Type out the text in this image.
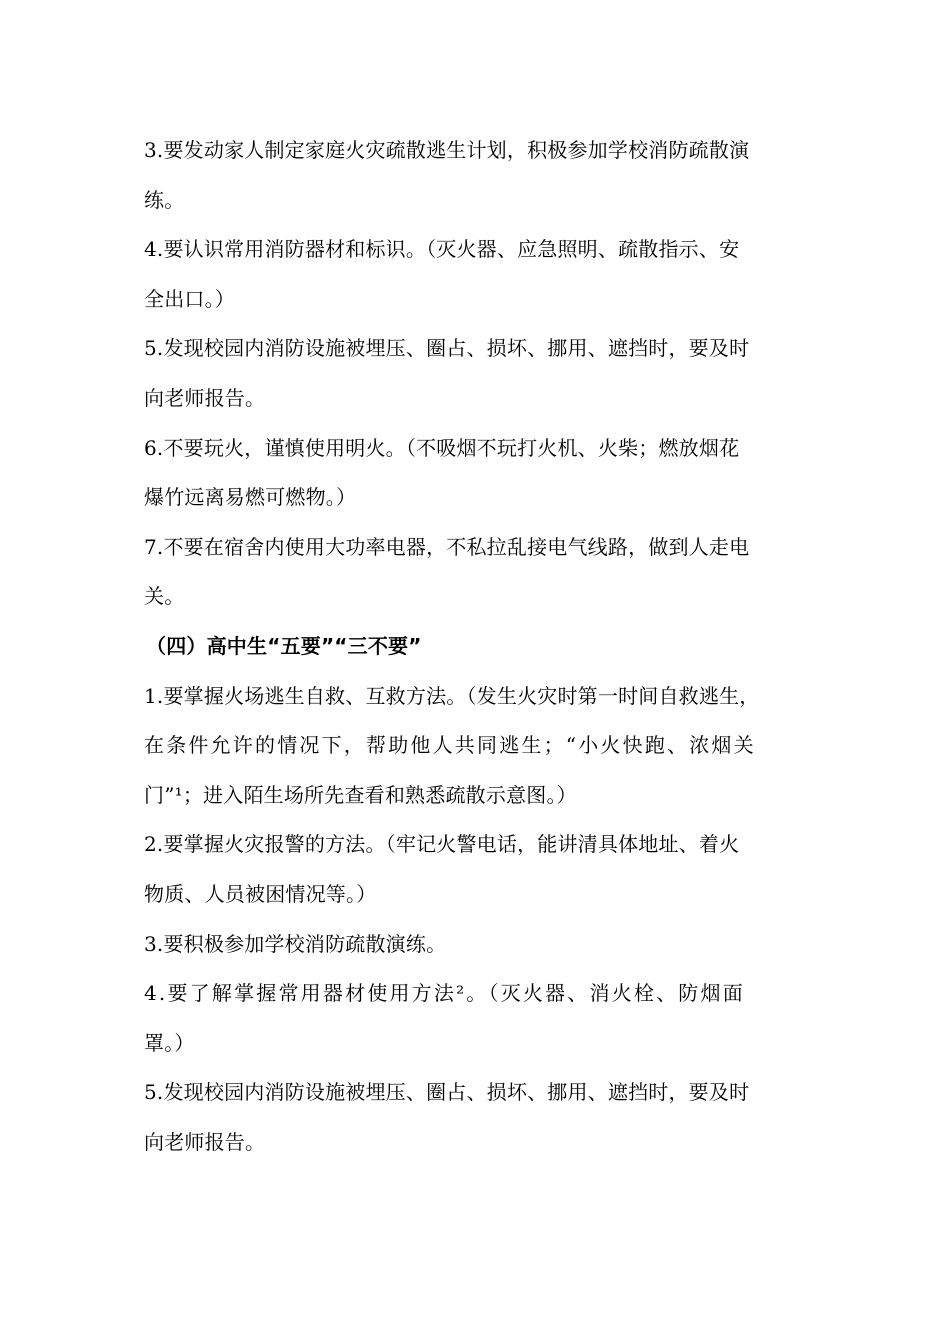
3.要发动家人制定家庭火灾疏散逃生计划，积极参加学校消防疏散演
练。
4.要认识常用消防器材和标识。（灭火器、应急照明、疏散指示、安
全出口。）
5.发现校园内消防设施被埋压、圈占、损坏、挪用、遮挡时，要及时
向老师报告。
6.不要玩火，谨慎使用明火。（不吸烟不玩打火机、火柴；燃放烟花
爆竹远离易燃可燃物。）
7.不要在宿舍内使用大功率电器，不私拉乱接电气线路，做到人走电
关。
（四）高中生“五要”“三不要”
1.要掌握火场逃生自救、互救方法。（发生火灾时第一时间自救逃生，
在条件允许的情况下，帮助他人共同逃生；“小火快跑、浓烟关
门”¹；进入陌生场所先查看和熟悉疏散示意图。）
2.要掌握火灾报警的方法。（牢记火警电话，能讲清具体地址、着火
物质、人员被困情况等。）
3.要积极参加学校消防疏散演练。
4.要了解掌握常用器材使用方法²。（灭火器、消火栓、防烟面
罩。）
5.发现校园内消防设施被埋压、圈占、损坏、挪用、遮挡时，要及时
向老师报告。
